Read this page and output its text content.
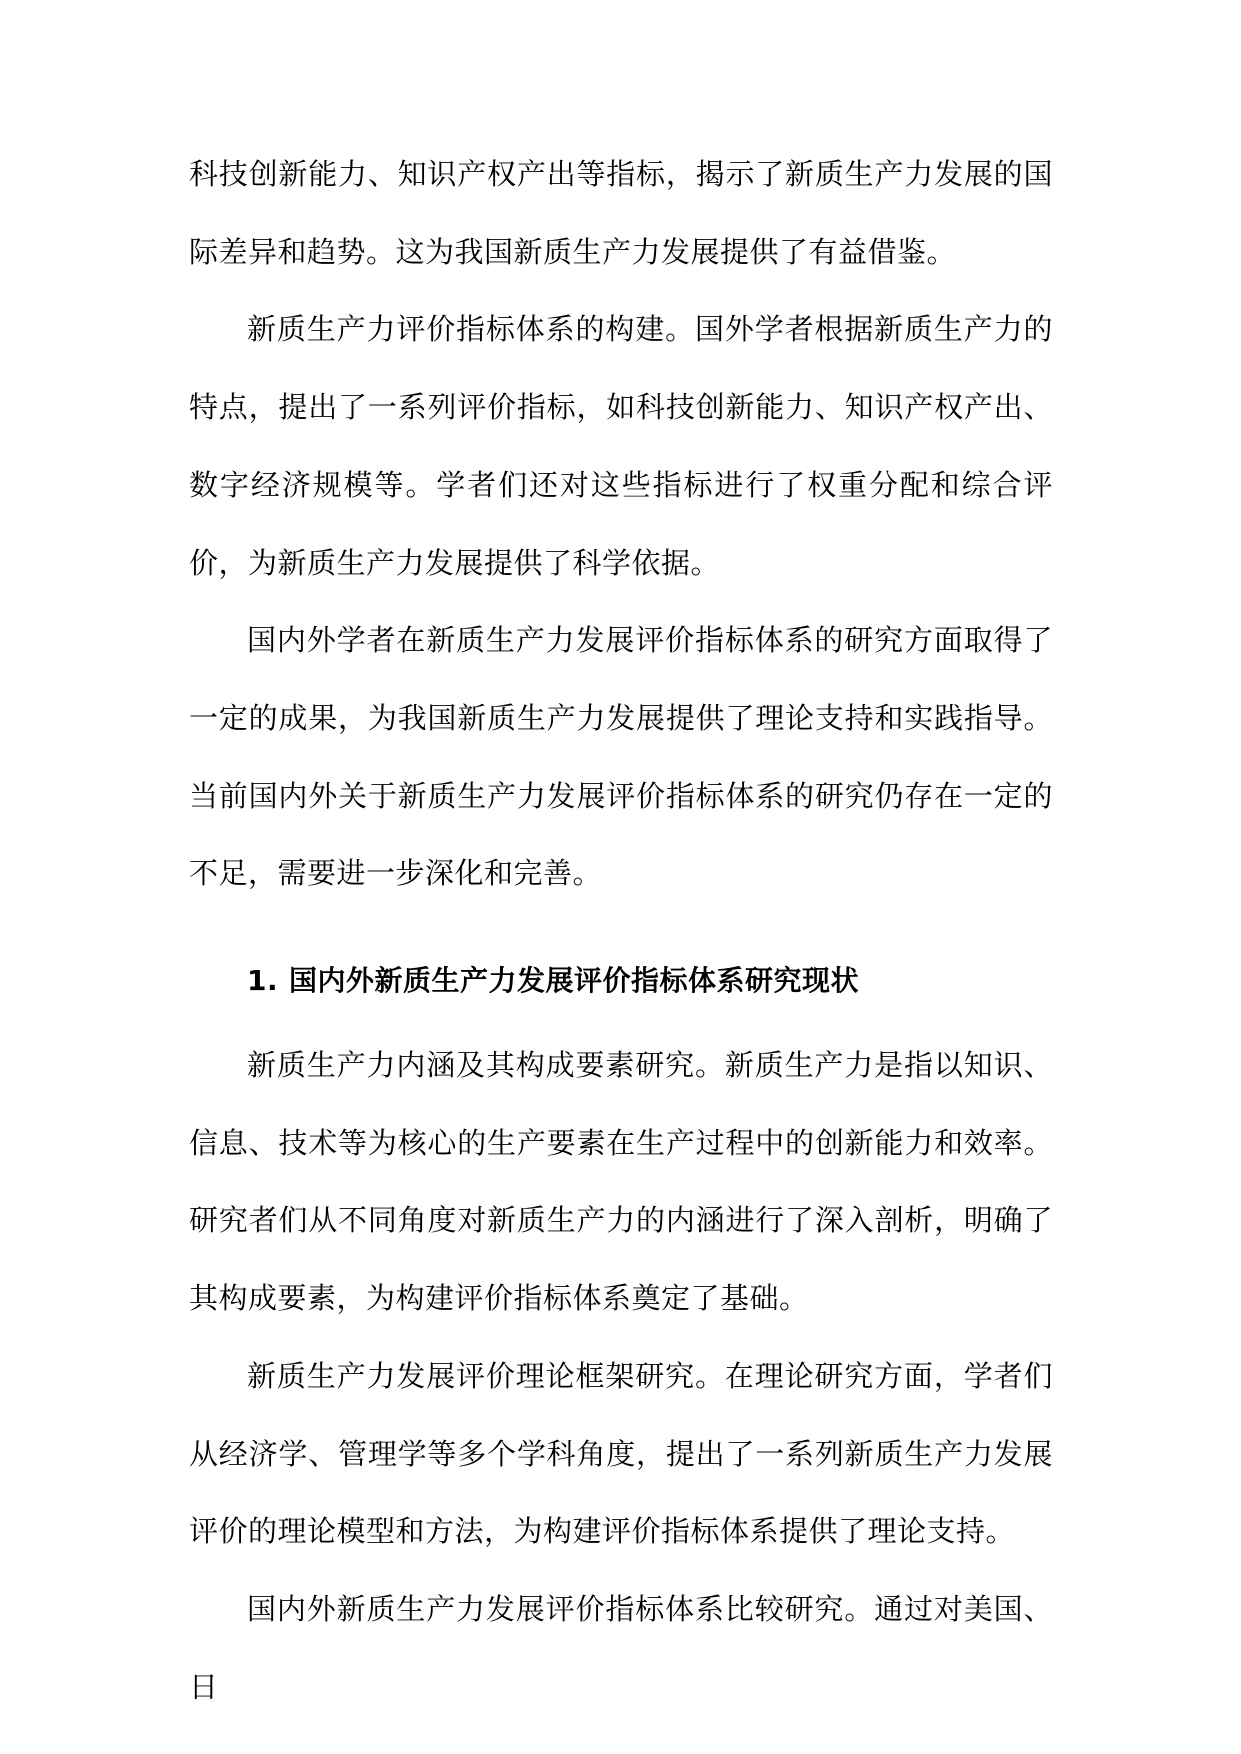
科技创新能力、知识产权产出等指标，揭示了新质生产力发展的国际差异和趋势。这为我国新质生产力发展提供了有益借鉴。

新质生产力评价指标体系的构建。国外学者根据新质生产力的特点，提出了一系列评价指标，如科技创新能力、知识产权产出、数字经济规模等。学者们还对这些指标进行了权重分配和综合评价，为新质生产力发展提供了科学依据。

国内外学者在新质生产力发展评价指标体系的研究方面取得了一定的成果，为我国新质生产力发展提供了理论支持和实践指导。当前国内外关于新质生产力发展评价指标体系的研究仍存在一定的不足，需要进一步深化和完善。

1. 国内外新质生产力发展评价指标体系研究现状

新质生产力内涵及其构成要素研究。新质生产力是指以知识、信息、技术等为核心的生产要素在生产过程中的创新能力和效率。研究者们从不同角度对新质生产力的内涵进行了深入剖析，明确了其构成要素，为构建评价指标体系奠定了基础。

新质生产力发展评价理论框架研究。在理论研究方面，学者们从经济学、管理学等多个学科角度，提出了一系列新质生产力发展评价的理论模型和方法，为构建评价指标体系提供了理论支持。

国内外新质生产力发展评价指标体系比较研究。通过对美国、日
